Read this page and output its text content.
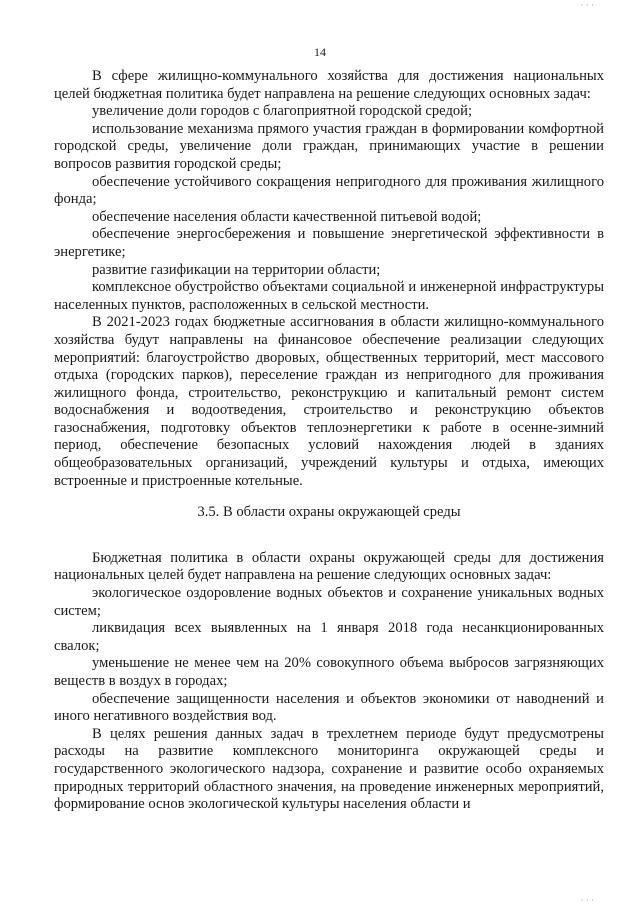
· · ·
14

В сфере жилищно-коммунального хозяйства для достижения национальных целей бюджетная политика будет направлена на решение следующих основных задач:

увеличение доли городов с благоприятной городской средой;

использование механизма прямого участия граждан в формировании комфортной городской среды, увеличение доли граждан, принимающих участие в решении вопросов развития городской среды;

обеспечение устойчивого сокращения непригодного для проживания жилищного фонда;

обеспечение населения области качественной питьевой водой;

обеспечение энергосбережения и повышение энергетической эффективности в энергетике;

развитие газификации на территории области;

комплексное обустройство объектами социальной и инженерной инфраструктуры населенных пунктов, расположенных в сельской местности.

В 2021-2023 годах бюджетные ассигнования в области жилищно-коммунального хозяйства будут направлены на финансовое обеспечение реализации следующих мероприятий: благоустройство дворовых, общественных территорий, мест массового отдыха (городских парков), переселение граждан из непригодного для проживания жилищного фонда, строительство, реконструкцию и капитальный ремонт систем водоснабжения и водоотведения, строительство и реконструкцию объектов газоснабжения, подготовку объектов теплоэнергетики к работе в осенне-зимний период, обеспечение безопасных условий нахождения людей в зданиях общеобразовательных организаций, учреждений культуры и отдыха, имеющих встроенные и пристроенные котельные.

3.5. В области охраны окружающей среды

Бюджетная политика в области охраны окружающей среды для достижения национальных целей будет направлена на решение следующих основных задач:

экологическое оздоровление водных объектов и сохранение уникальных водных систем;

ликвидация всех выявленных на 1 января 2018 года несанкционированных свалок;

уменьшение не менее чем на 20% совокупного объема выбросов загрязняющих веществ в воздух в городах;

обеспечение защищенности населения и объектов экономики от наводнений и иного негативного воздействия вод.

В целях решения данных задач в трехлетнем периоде будут предусмотрены расходы на развитие комплексного мониторинга окружающей среды и государственного экологического надзора, сохранение и развитие особо охраняемых природных территорий областного значения, на проведение инженерных мероприятий, формирование основ экологической культуры населения области и

· · ·
